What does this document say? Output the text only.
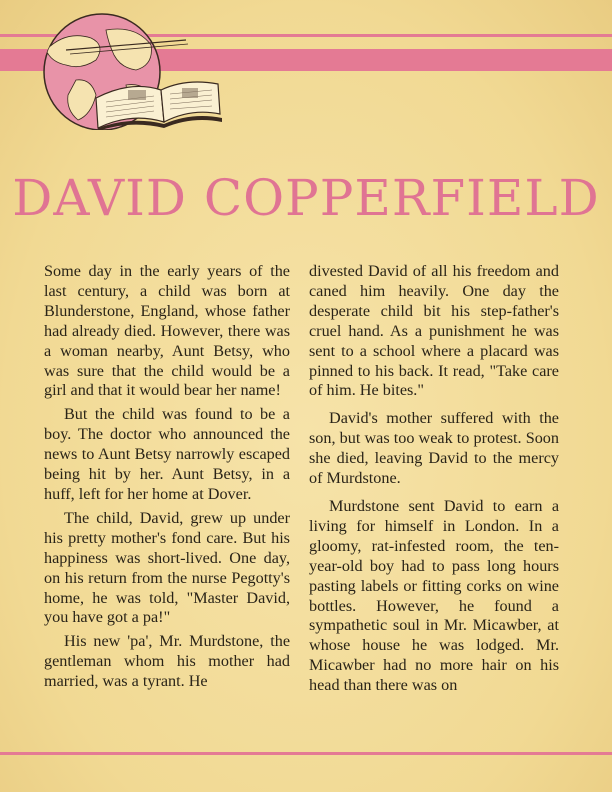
DAVID COPPERFIELD

Some day in the early years of the last century, a child was born at Blunderstone, England, whose father had already died. However, there was a woman nearby, Aunt Betsy, who was sure that the child would be a girl and that it would bear her name!

But the child was found to be a boy. The doctor who announced the news to Aunt Betsy narrowly escaped being hit by her. Aunt Betsy, in a huff, left for her home at Dover.

The child, David, grew up under his pretty mother's fond care. But his happiness was short-lived. One day, on his return from the nurse Pegotty's home, he was told, "Master David, you have got a pa!"

His new 'pa', Mr. Murdstone, the gentleman whom his mother had married, was a tyrant. He

divested David of all his freedom and caned him heavily. One day the desperate child bit his step-father's cruel hand. As a punishment he was sent to a school where a placard was pinned to his back. It read, "Take care of him. He bites."

David's mother suffered with the son, but was too weak to protest. Soon she died, leaving David to the mercy of Murdstone.

Murdstone sent David to earn a living for himself in London. In a gloomy, rat-infested room, the ten-year-old boy had to pass long hours pasting labels or fitting corks on wine bottles. However, he found a sympathetic soul in Mr. Micawber, at whose house he was lodged. Mr. Micawber had no more hair on his head than there was on
